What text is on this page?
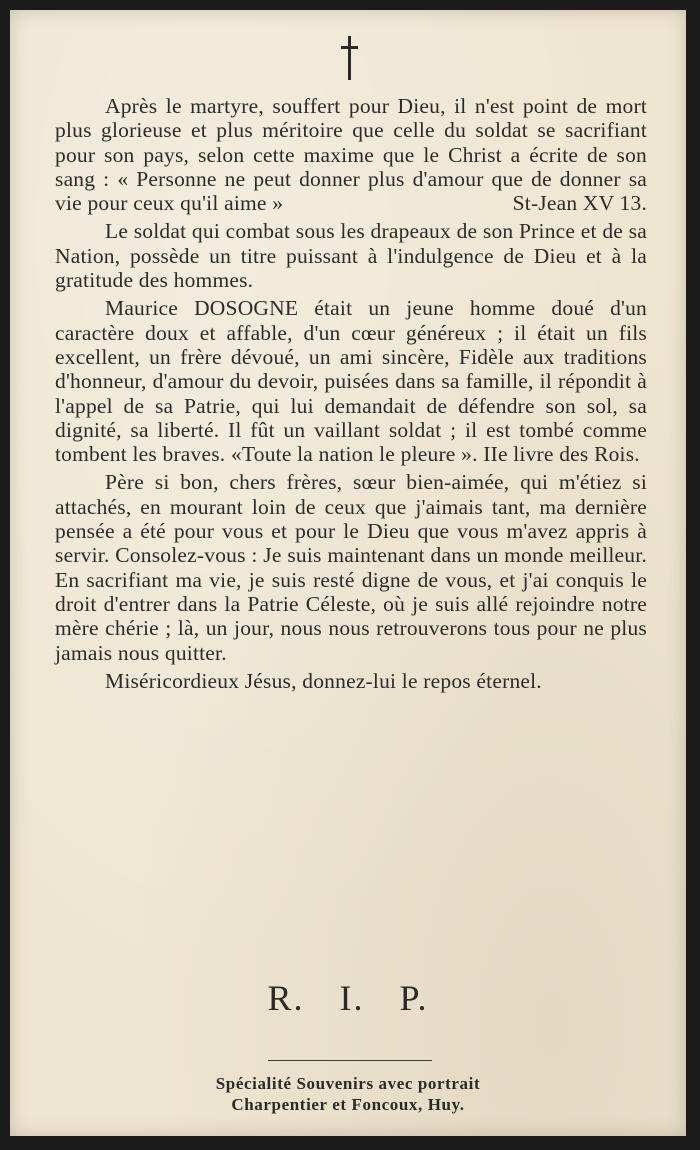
Après le martyre, souffert pour Dieu, il n'est point de mort plus glorieuse et plus méritoire que celle du soldat se sacrifiant pour son pays, selon cette maxime que le Christ a écrite de son sang : « Personne ne peut donner plus d'amour que de donner sa vie pour ceux qu'il aime »	St-Jean XV 13.

Le soldat qui combat sous les drapeaux de son Prince et de sa Nation, possède un titre puissant à l'indulgence de Dieu et à la gratitude des hommes.

Maurice DOSOGNE était un jeune homme doué d'un caractère doux et affable, d'un cœur généreux ; il était un fils excellent, un frère dévoué, un ami sincère, Fidèle aux traditions d'honneur, d'amour du devoir, puisées dans sa famille, il répondit à l'appel de sa Patrie, qui lui demandait de défendre son sol, sa dignité, sa liberté. Il fût un vaillant soldat ; il est tombé comme tombent les braves. «Toute la nation le pleure ». IIe livre des Rois.

Père si bon, chers frères, sœur bien-aimée, qui m'étiez si attachés, en mourant loin de ceux que j'aimais tant, ma dernière pensée a été pour vous et pour le Dieu que vous m'avez appris à servir. Consolez-vous : Je suis maintenant dans un monde meilleur. En sacrifiant ma vie, je suis resté digne de vous, et j'ai conquis le droit d'entrer dans la Patrie Céleste, où je suis allé rejoindre notre mère chérie ; là, un jour, nous nous retrouverons tous pour ne plus jamais nous quitter.

Miséricordieux Jésus, donnez-lui le repos éternel.

R. I. P.
Spécialité Souvenirs avec portrait
Charpentier et Foncoux, Huy.
